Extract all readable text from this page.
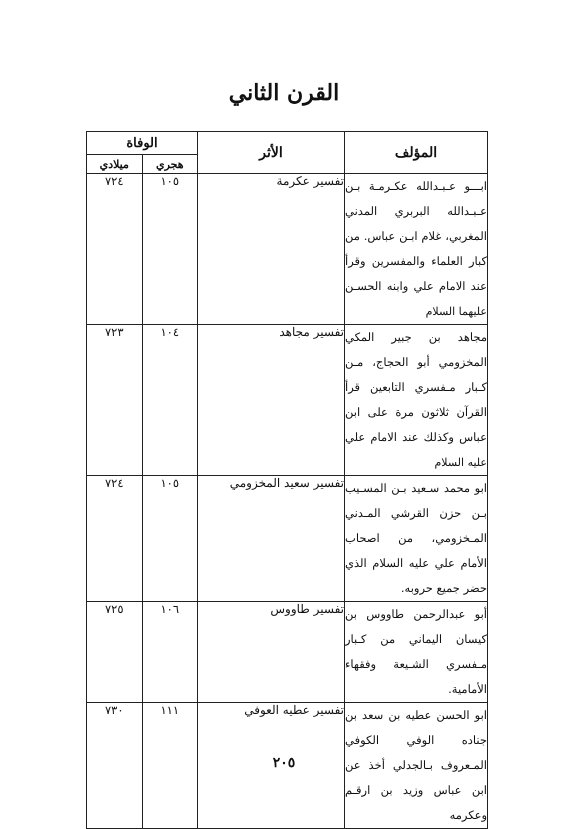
القرن الثاني
المؤلف	الأثر	الوفاة	
		هجري	ميلادي
ابـــو عـبـدالله عكـرمـة بـن عـبـدالله البربري المدني المغربي، غلام ابـن عباس. من كبار العلماء والمفسرين وقرأ عند الامام علي وابنه الحسـن عليهما السلام	تفسير عكرمة	١٠٥	٧٢٤
مجاهد بن جبير المكي المخزومي أبو الحجاج، مـن كـبار مـفسري التابعين قرأ القرآن ثلاثون مرة على ابن عباس وكذلك عند الامام علي عليه السلام	تفسير مجاهد	١٠٤	٧٢٣
ابو محمد سـعيد بـن المسـيب بـن حزن القرشي المـدني المـخزومي، من اصحاب الأمام علي عليه السلام الذي حضر جميع حروبه.	تفسير سعيد المخزومي	١٠٥	٧٢٤
أبو عبدالرحمن طاووس بن كيسان اليماني من كـبار مـفسري الشـيعة وفقهاء الأمامية.	تفسير طاووس	١٠٦	٧٢٥
ابو الحسن عطيه بن سعد بن جناده الوفي الكوفي المـعروف بـالجدلي أخذ عن ابن عباس وزيد بن ارقـم وعكرمه	تفسير عطيه العوفي	١١١	٧٣٠
٢٠٥
